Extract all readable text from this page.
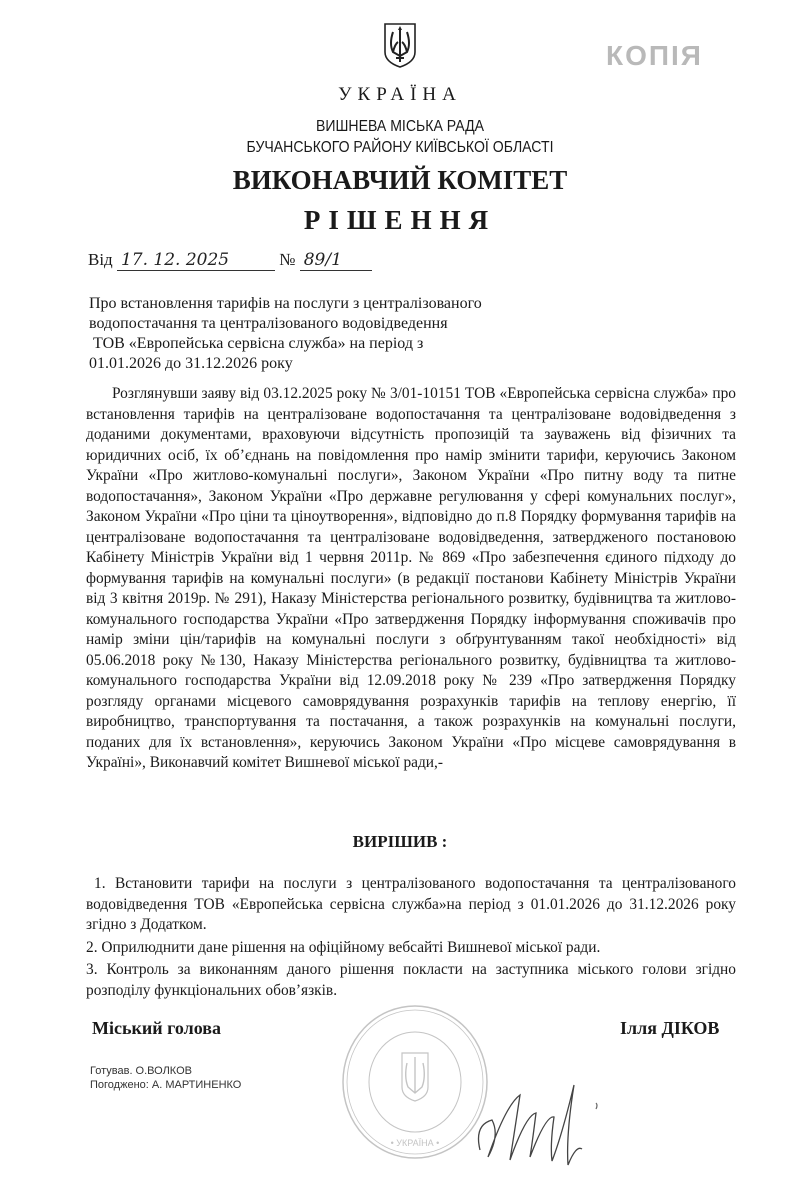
УКРАЇНА
ВИШНЕВА МІСЬКА РАДА
БУЧАНСЬКОГО РАЙОНУ КИЇВСЬКОЇ ОБЛАСТІ
ВИКОНАВЧИЙ КОМІТЕТ
РІШЕННЯ
КОПІЯ
Від 17. 12. 2025	№ 89/1
Про встановлення тарифів на послуги з централізованого
водопостачання та централізованого водовідведення
ТОВ «Европейська сервісна служба» на період з
01.01.2026 до 31.12.2026 року
Розглянувши заяву від 03.12.2025 року № 3/01-10151 ТОВ «Европейська сервісна служба» про встановлення тарифів на централізоване водопостачання та централізоване водовідведення з доданими документами, враховуючи відсутність пропозицій та зауважень від фізичних та юридичних осіб, їх об’єднань на повідомлення про намір змінити тарифи, керуючись Законом України «Про житлово-комунальні послуги», Законом України «Про питну воду та питне водопостачання», Законом України «Про державне регулювання у сфері комунальних послуг», Законом України «Про ціни та ціноутворення», відповідно до п.8 Порядку формування тарифів на централізоване водопостачання та централізоване водовідведення, затвердженого постановою Кабінету Міністрів України від 1 червня 2011р. № 869 «Про забезпечення єдиного підходу до формування тарифів на комунальні послуги» (в редакції постанови Кабінету Міністрів України від 3 квітня 2019р. № 291), Наказу Міністерства регіонального розвитку, будівництва та житлово-комунального господарства України «Про затвердження Порядку інформування споживачів про намір зміни цін/тарифів на комунальні послуги з обґрунтуванням такої необхідності» від 05.06.2018 року №130, Наказу Міністерства регіонального розвитку, будівництва та житлово-комунального господарства України від 12.09.2018 року № 239 «Про затвердження Порядку розгляду органами місцевого самоврядування розрахунків тарифів на теплову енергію, її виробництво, транспортування та постачання, а також розрахунків на комунальні послуги, поданих для їх встановлення», керуючись Законом України «Про місцеве самоврядування в Україні», Виконавчий комітет Вишневої міської ради,-
ВИРІШИВ :

1. Встановити тарифи на послуги з централізованого водопостачання та централізованого водовідведення ТОВ «Европейська сервісна служба»на період з 01.01.2026 до 31.12.2026 року згідно з Додатком.

2. Оприлюднити дане рішення на офіційному вебсайті Вишневої міської ради.

3. Контроль за виконанням даного рішення покласти на заступника міського голови згідно розподілу функціональних обов’язків.

Міський голова	Ілля ДІКОВ
Готував. О.ВОЛКОВ
Погоджено: А. МАРТИНЕНКО
• УКРАЇНА •
